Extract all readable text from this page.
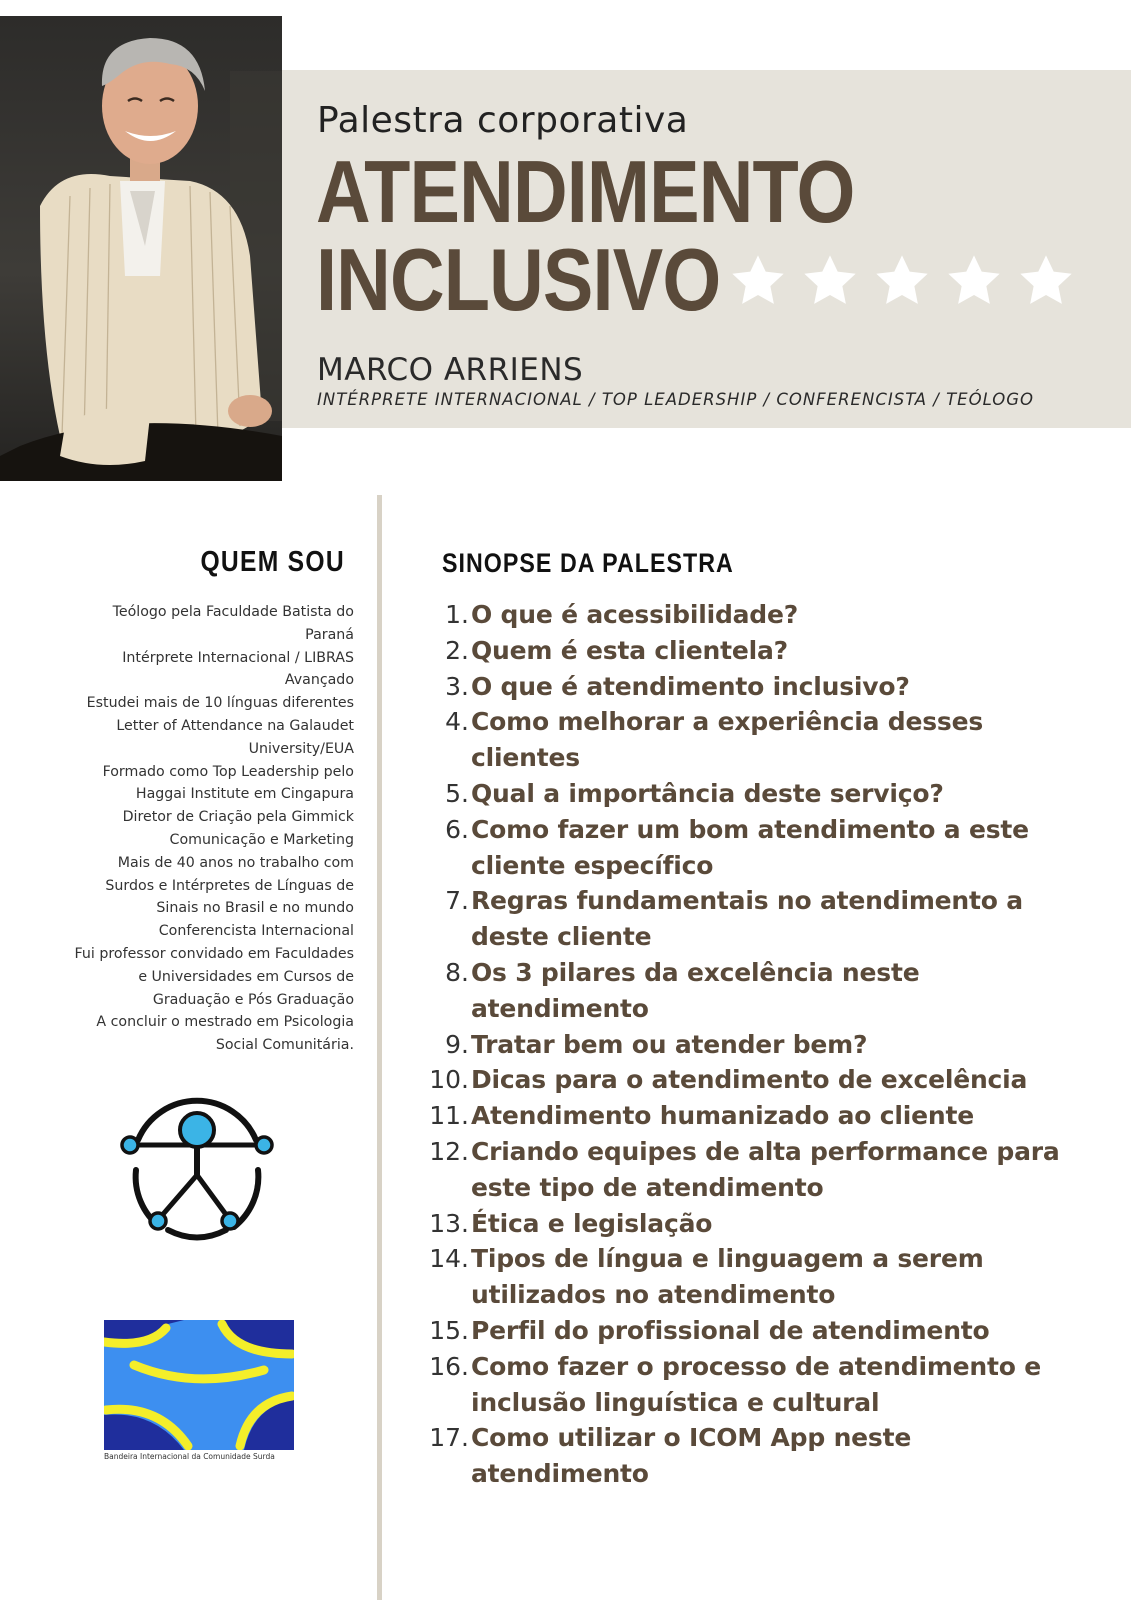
Palestra corporativa
ATENDIMENTO
INCLUSIVO
MARCO ARRIENS
INTÉRPRETE INTERNACIONAL / TOP LEADERSHIP / CONFERENCISTA / TEÓLOGO
QUEM SOU
Teólogo pela Faculdade Batista do
Paraná
Intérprete Internacional / LIBRAS
Avançado
Estudei mais de 10 línguas diferentes
Letter of Attendance na Galaudet
University/EUA
Formado como Top Leadership pelo
Haggai Institute em Cingapura
Diretor de Criação pela Gimmick
Comunicação e Marketing
Mais de 40 anos no trabalho com
Surdos e Intérpretes de Línguas de
Sinais no Brasil e no mundo
Conferencista Internacional
Fui professor convidado em Faculdades
e Universidades em Cursos de
Graduação e Pós Graduação
A concluir o mestrado em Psicologia
Social Comunitária.
SINOPSE DA PALESTRA
1. O que é acessibilidade?
2. Quem é esta clientela?
3. O que é atendimento inclusivo?
4. Como melhorar a experiência desses
clientes
5. Qual a importância deste serviço?
6. Como fazer um bom atendimento a este
cliente específico
7. Regras fundamentais no atendimento a
deste cliente
8. Os 3 pilares da excelência neste
atendimento
9. Tratar bem ou atender bem?
10. Dicas para o atendimento de excelência
11. Atendimento humanizado ao cliente
12. Criando equipes de alta performance para
este tipo de atendimento
13. Ética e legislação
14. Tipos de língua e linguagem a serem
utilizados no atendimento
15. Perfil do profissional de atendimento
16. Como fazer o processo de atendimento e
inclusão linguística e cultural
17. Como utilizar o ICOM App neste
atendimento
Bandeira Internacional da Comunidade Surda
